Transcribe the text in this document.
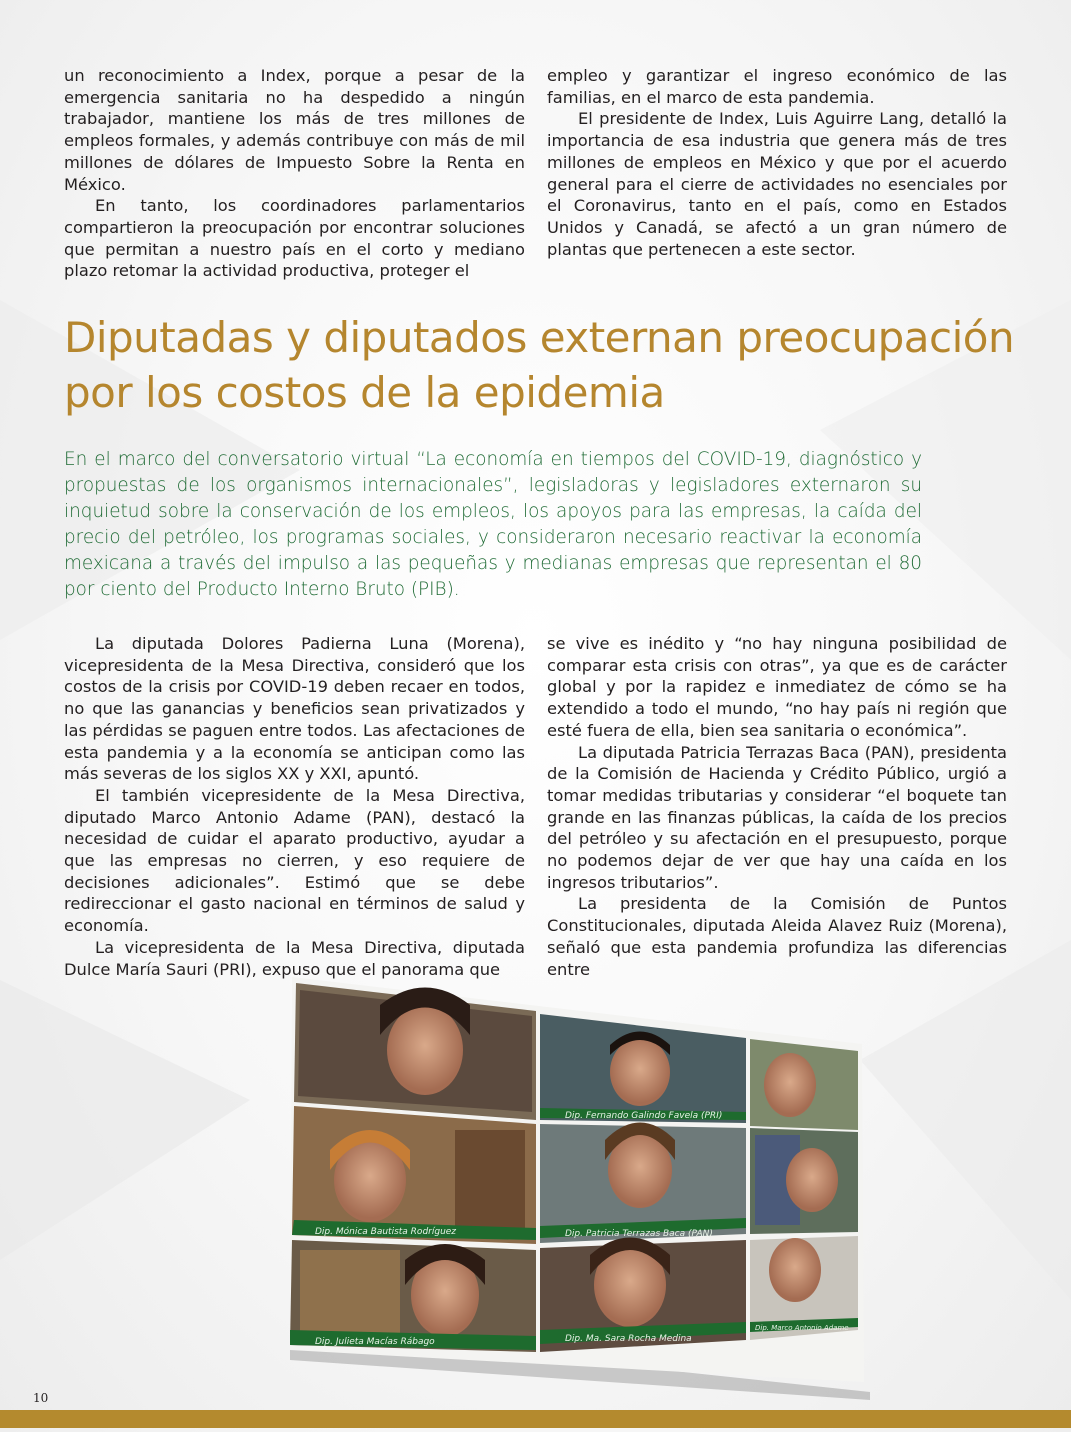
un reconocimiento a Index, porque a pesar de la emergencia sanitaria no ha despedido a ningún trabajador, mantiene los más de tres millones de empleos formales, y además contribuye con más de mil millones de dólares de Impuesto Sobre la Renta en México.

En tanto, los coordinadores parlamentarios compartieron la preocupación por encontrar soluciones que permitan a nuestro país en el corto y mediano plazo retomar la actividad productiva, proteger el

empleo y garantizar el ingreso económico de las familias, en el marco de esta pandemia.

El presidente de Index, Luis Aguirre Lang, detalló la importancia de esa industria que genera más de tres millones de empleos en México y que por el acuerdo general para el cierre de actividades no esenciales por el Coronavirus, tanto en el país, como en Estados Unidos y Canadá, se afectó a un gran número de plantas que pertenecen a este sector.

Diputadas y diputados externan preocupación por los costos de la epidemia

En el marco del conversatorio virtual “La economía en tiempos del COVID-19, diagnóstico y propuestas de los organismos internacionales”, legisladoras y legisladores externaron su inquietud sobre la conservación de los empleos, los apoyos para las empresas, la caída del precio del petróleo, los programas sociales, y consideraron necesario reactivar la economía mexicana a través del impulso a las pequeñas y medianas empresas que representan el 80 por ciento del Producto Interno Bruto (PIB).

La diputada Dolores Padierna Luna (Morena), vicepresidenta de la Mesa Directiva, consideró que los costos de la crisis por COVID-19 deben recaer en todos, no que las ganancias y beneficios sean privatizados y las pérdidas se paguen entre todos. Las afectaciones de esta pandemia y a la economía se anticipan como las más severas de los siglos XX y XXI, apuntó.

El también vicepresidente de la Mesa Directiva, diputado Marco Antonio Adame (PAN), destacó la necesidad de cuidar el aparato productivo, ayudar a que las empresas no cierren, y eso requiere de decisiones adicionales”. Estimó que se debe redireccionar el gasto nacional en términos de salud y economía.

La vicepresidenta de la Mesa Directiva, diputada Dulce María Sauri (PRI), expuso que el panorama que

se vive es inédito y “no hay ninguna posibilidad de comparar esta crisis con otras”, ya que es de carácter global y por la rapidez e inmediatez de cómo se ha extendido a todo el mundo, “no hay país ni región que esté fuera de ella, bien sea sanitaria o económica”.

La diputada Patricia Terrazas Baca (PAN), presidenta de la Comisión de Hacienda y Crédito Público, urgió a tomar medidas tributarias y considerar “el boquete tan grande en las finanzas públicas, la caída de los precios del petróleo y su afectación en el presupuesto, porque no podemos dejar de ver que hay una caída en los ingresos tributarios”.

La presidenta de la Comisión de Puntos Constitucionales, diputada Aleida Alavez Ruiz (Morena), señaló que esta pandemia profundiza las diferencias entre

Dip. Fernando Galindo Favela (PRI)
Dip. Mónica Bautista Rodríguez	Dip. Patricia Terrazas Baca (PAN)
Dip. Julieta Macías Rábago	Dip. Ma. Sara Rocha Medina
Dip. Marco Antonio Adame
10
